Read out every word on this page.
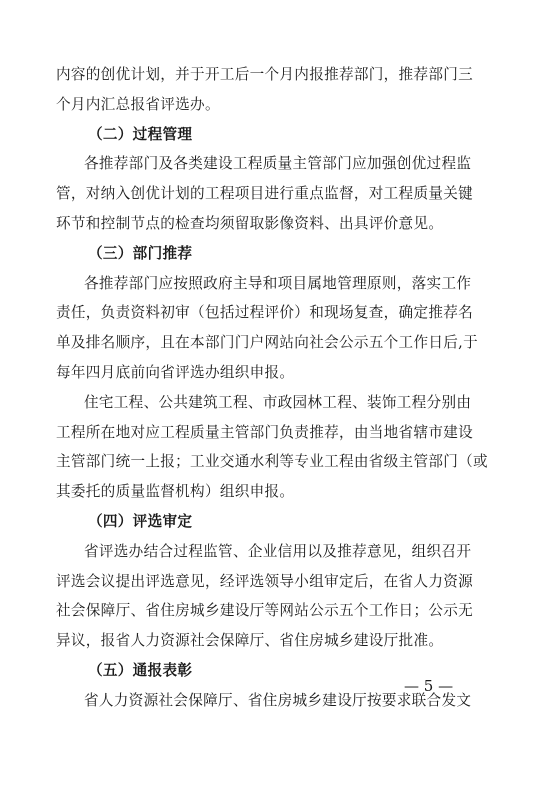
内容的创优计划，并于开工后一个月内报推荐部门，推荐部门三
个月内汇总报省评选办。
（二）过程管理
各推荐部门及各类建设工程质量主管部门应加强创优过程监
管，对纳入创优计划的工程项目进行重点监督，对工程质量关键
环节和控制节点的检查均须留取影像资料、出具评价意见。
（三）部门推荐
各推荐部门应按照政府主导和项目属地管理原则，落实工作
责任，负责资料初审（包括过程评价）和现场复查，确定推荐名
单及排名顺序，且在本部门门户网站向社会公示五个工作日后,于
每年四月底前向省评选办组织申报。
住宅工程、公共建筑工程、市政园林工程、装饰工程分别由
工程所在地对应工程质量主管部门负责推荐，由当地省辖市建设
主管部门统一上报；工业交通水利等专业工程由省级主管部门（或
其委托的质量监督机构）组织申报。
（四）评选审定
省评选办结合过程监管、企业信用以及推荐意见，组织召开
评选会议提出评选意见，经评选领导小组审定后，在省人力资源
社会保障厅、省住房城乡建设厅等网站公示五个工作日；公示无
异议，报省人力资源社会保障厅、省住房城乡建设厅批准。
（五）通报表彰
省人力资源社会保障厅、省住房城乡建设厅按要求联合发文
— 5 —
